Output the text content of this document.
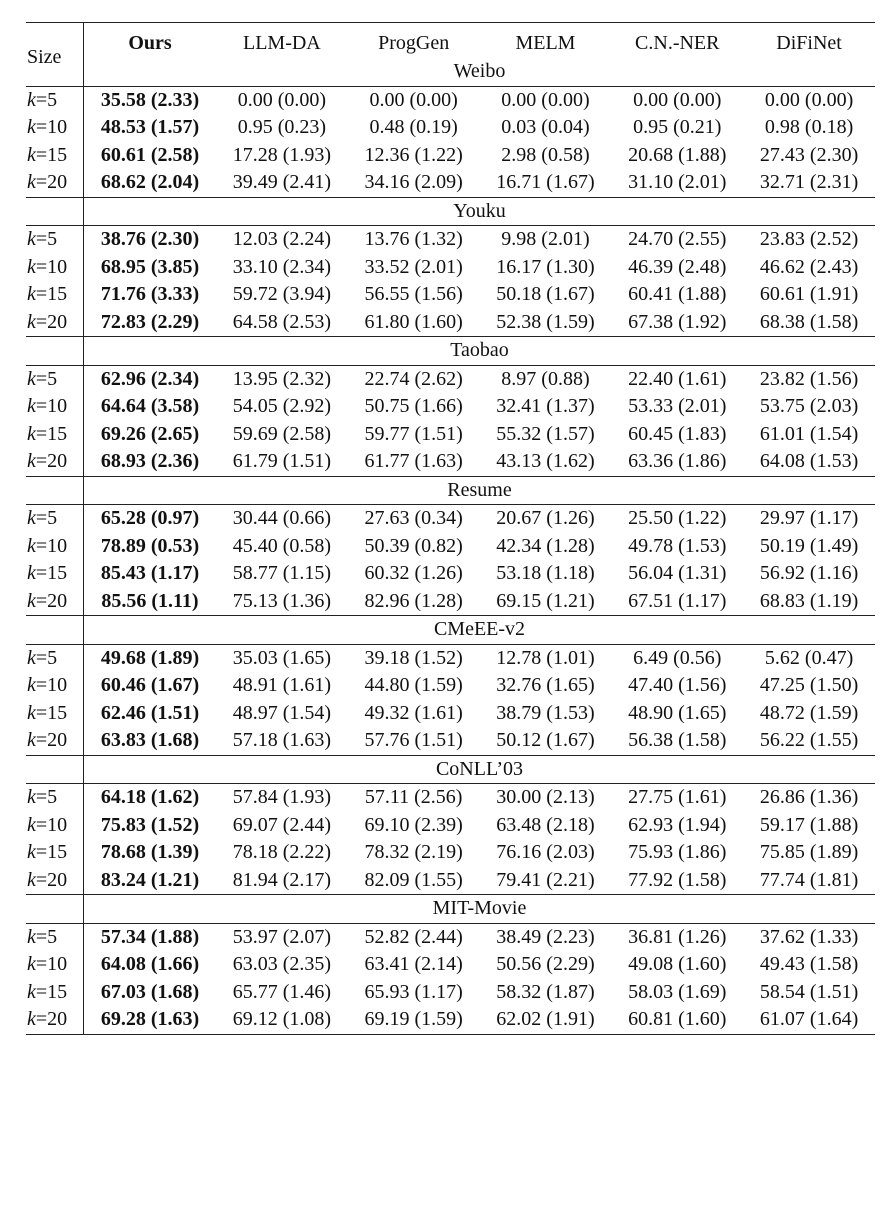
Size	Ours	LLM-DA	ProgGen	MELM	C.N.-NER	DiFiNet
	Weibo					
k=5	35.58 (2.33)	0.00 (0.00)	0.00 (0.00)	0.00 (0.00)	0.00 (0.00)	0.00 (0.00)
k=10	48.53 (1.57)	0.95 (0.23)	0.48 (0.19)	0.03 (0.04)	0.95 (0.21)	0.98 (0.18)
k=15	60.61 (2.58)	17.28 (1.93)	12.36 (1.22)	2.98 (0.58)	20.68 (1.88)	27.43 (2.30)
k=20	68.62 (2.04)	39.49 (2.41)	34.16 (2.09)	16.71 (1.67)	31.10 (2.01)	32.71 (2.31)
	Youku					
k=5	38.76 (2.30)	12.03 (2.24)	13.76 (1.32)	9.98 (2.01)	24.70 (2.55)	23.83 (2.52)
k=10	68.95 (3.85)	33.10 (2.34)	33.52 (2.01)	16.17 (1.30)	46.39 (2.48)	46.62 (2.43)
k=15	71.76 (3.33)	59.72 (3.94)	56.55 (1.56)	50.18 (1.67)	60.41 (1.88)	60.61 (1.91)
k=20	72.83 (2.29)	64.58 (2.53)	61.80 (1.60)	52.38 (1.59)	67.38 (1.92)	68.38 (1.58)
	Taobao					
k=5	62.96 (2.34)	13.95 (2.32)	22.74 (2.62)	8.97 (0.88)	22.40 (1.61)	23.82 (1.56)
k=10	64.64 (3.58)	54.05 (2.92)	50.75 (1.66)	32.41 (1.37)	53.33 (2.01)	53.75 (2.03)
k=15	69.26 (2.65)	59.69 (2.58)	59.77 (1.51)	55.32 (1.57)	60.45 (1.83)	61.01 (1.54)
k=20	68.93 (2.36)	61.79 (1.51)	61.77 (1.63)	43.13 (1.62)	63.36 (1.86)	64.08 (1.53)
	Resume					
k=5	65.28 (0.97)	30.44 (0.66)	27.63 (0.34)	20.67 (1.26)	25.50 (1.22)	29.97 (1.17)
k=10	78.89 (0.53)	45.40 (0.58)	50.39 (0.82)	42.34 (1.28)	49.78 (1.53)	50.19 (1.49)
k=15	85.43 (1.17)	58.77 (1.15)	60.32 (1.26)	53.18 (1.18)	56.04 (1.31)	56.92 (1.16)
k=20	85.56 (1.11)	75.13 (1.36)	82.96 (1.28)	69.15 (1.21)	67.51 (1.17)	68.83 (1.19)
	CMeEE-v2					
k=5	49.68 (1.89)	35.03 (1.65)	39.18 (1.52)	12.78 (1.01)	6.49 (0.56)	5.62 (0.47)
k=10	60.46 (1.67)	48.91 (1.61)	44.80 (1.59)	32.76 (1.65)	47.40 (1.56)	47.25 (1.50)
k=15	62.46 (1.51)	48.97 (1.54)	49.32 (1.61)	38.79 (1.53)	48.90 (1.65)	48.72 (1.59)
k=20	63.83 (1.68)	57.18 (1.63)	57.76 (1.51)	50.12 (1.67)	56.38 (1.58)	56.22 (1.55)
	CoNLL’03					
k=5	64.18 (1.62)	57.84 (1.93)	57.11 (2.56)	30.00 (2.13)	27.75 (1.61)	26.86 (1.36)
k=10	75.83 (1.52)	69.07 (2.44)	69.10 (2.39)	63.48 (2.18)	62.93 (1.94)	59.17 (1.88)
k=15	78.68 (1.39)	78.18 (2.22)	78.32 (2.19)	76.16 (2.03)	75.93 (1.86)	75.85 (1.89)
k=20	83.24 (1.21)	81.94 (2.17)	82.09 (1.55)	79.41 (2.21)	77.92 (1.58)	77.74 (1.81)
	MIT-Movie					
k=5	57.34 (1.88)	53.97 (2.07)	52.82 (2.44)	38.49 (2.23)	36.81 (1.26)	37.62 (1.33)
k=10	64.08 (1.66)	63.03 (2.35)	63.41 (2.14)	50.56 (2.29)	49.08 (1.60)	49.43 (1.58)
k=15	67.03 (1.68)	65.77 (1.46)	65.93 (1.17)	58.32 (1.87)	58.03 (1.69)	58.54 (1.51)
k=20	69.28 (1.63)	69.12 (1.08)	69.19 (1.59)	62.02 (1.91)	60.81 (1.60)	61.07 (1.64)
